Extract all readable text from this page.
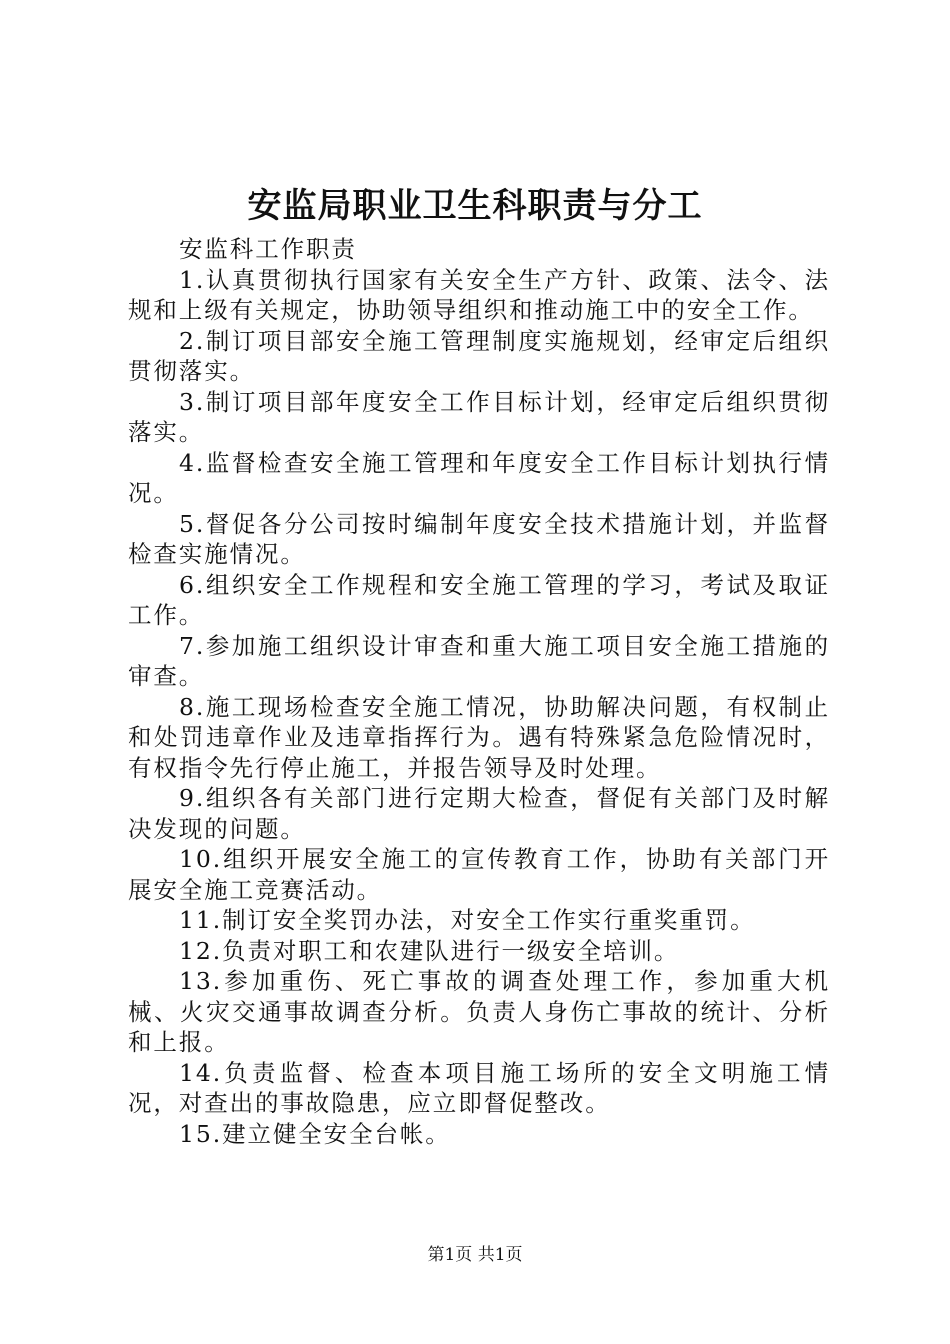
安监局职业卫生科职责与分工

安监科工作职责

1.认真贯彻执行国家有关安全生产方针、政策、法令、法规和上级有关规定，协助领导组织和推动施工中的安全工作。

2.制订项目部安全施工管理制度实施规划，经审定后组织贯彻落实。

3.制订项目部年度安全工作目标计划，经审定后组织贯彻落实。

4.监督检查安全施工管理和年度安全工作目标计划执行情况。

5.督促各分公司按时编制年度安全技术措施计划，并监督检查实施情况。

6.组织安全工作规程和安全施工管理的学习，考试及取证工作。

7.参加施工组织设计审查和重大施工项目安全施工措施的审查。

8.施工现场检查安全施工情况，协助解决问题，有权制止和处罚违章作业及违章指挥行为。遇有特殊紧急危险情况时，有权指令先行停止施工，并报告领导及时处理。

9.组织各有关部门进行定期大检查，督促有关部门及时解决发现的问题。

10.组织开展安全施工的宣传教育工作，协助有关部门开展安全施工竞赛活动。

11.制订安全奖罚办法，对安全工作实行重奖重罚。

12.负责对职工和农建队进行一级安全培训。

13.参加重伤、死亡事故的调查处理工作，参加重大机械、火灾交通事故调查分析。负责人身伤亡事故的统计、分析和上报。

14.负责监督、检查本项目施工场所的安全文明施工情况，对查出的事故隐患，应立即督促整改。

15.建立健全安全台帐。

第1页 共1页
